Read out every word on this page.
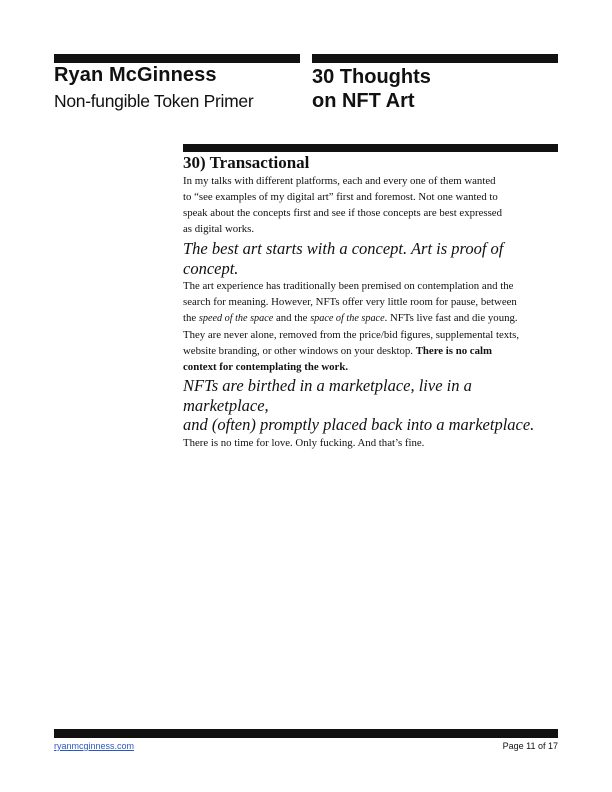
Ryan McGinness
Non-fungible Token Primer
30 Thoughts
on NFT Art
30) Transactional

In my talks with different platforms, each and every one of them wanted
to “see examples of my digital art” first and foremost. Not one wanted to
speak about the concepts first and see if those concepts are best expressed
as digital works.

The best art starts with a concept. Art is proof of concept.

The art experience has traditionally been premised on contemplation and the
search for meaning. However, NFTs offer very little room for pause, between
the speed of the space and the space of the space. NFTs live fast and die young.
They are never alone, removed from the price/bid figures, supplemental texts,
website branding, or other windows on your desktop. There is no calm
context for contemplating the work.

NFTs are birthed in a marketplace, live in a marketplace,
and (often) promptly placed back into a marketplace.

There is no time for love. Only fucking. And that’s fine.

ryanmcginness.com	Page 11 of 17
